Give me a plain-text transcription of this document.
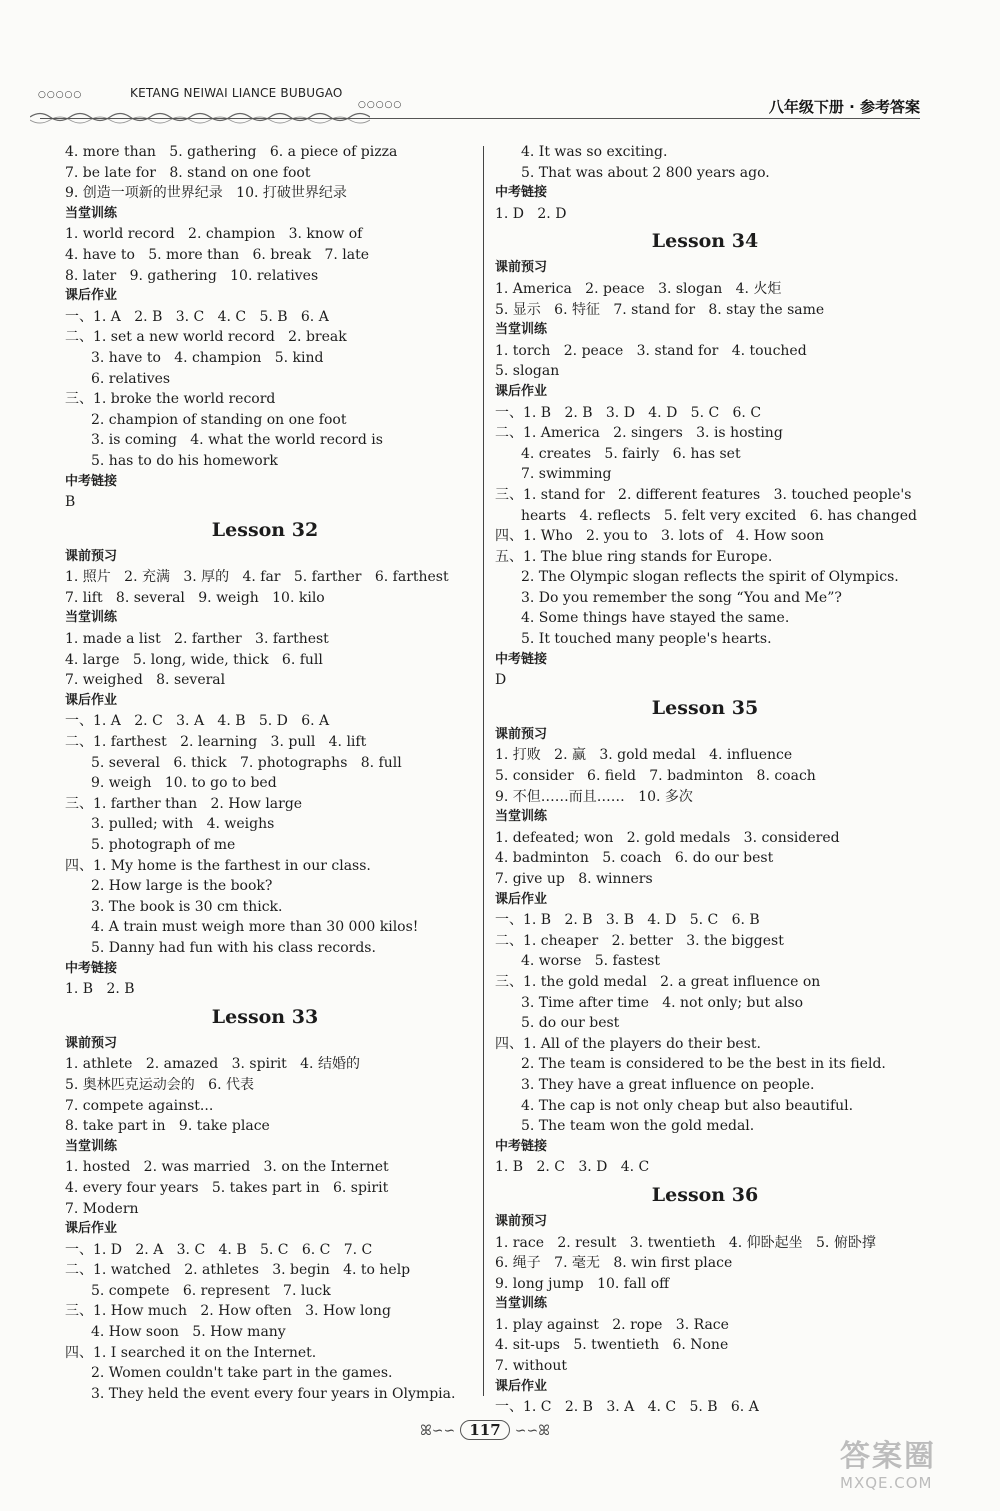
○○○○○	KETANG NEIWAI LIANCE BUBUGAO
○○○○○	八年级下册 · 参考答案
4. more than   5. gathering   6. a piece of pizza
7. be late for   8. stand on one foot
9. 创造一项新的世界纪录   10. 打破世界纪录
当堂训练
1. world record   2. champion   3. know of
4. have to   5. more than   6. break   7. late
8. later   9. gathering   10. relatives
课后作业
一、1. A   2. B   3. C   4. C   5. B   6. A
二、1. set a new world record   2. break
3. have to   4. champion   5. kind
6. relatives
三、1. broke the world record
2. champion of standing on one foot
3. is coming   4. what the world record is
5. has to do his homework
中考链接
B
Lesson 32
课前预习
1. 照片   2. 充满   3. 厚的   4. far   5. farther   6. farthest
7. lift   8. several   9. weigh   10. kilo
当堂训练
1. made a list   2. farther   3. farthest
4. large   5. long, wide, thick   6. full
7. weighed   8. several
课后作业
一、1. A   2. C   3. A   4. B   5. D   6. A
二、1. farthest   2. learning   3. pull   4. lift
5. several   6. thick   7. photographs   8. full
9. weigh   10. to go to bed
三、1. farther than   2. How large
3. pulled; with   4. weighs
5. photograph of me
四、1. My home is the farthest in our class.
2. How large is the book?
3. The book is 30 cm thick.
4. A train must weigh more than 30 000 kilos!
5. Danny had fun with his class records.
中考链接
1. B   2. B
Lesson 33
课前预习
1. athlete   2. amazed   3. spirit   4. 结婚的
5. 奥林匹克运动会的   6. 代表
7. compete against...
8. take part in   9. take place
当堂训练
1. hosted   2. was married   3. on the Internet
4. every four years   5. takes part in   6. spirit
7. Modern
课后作业
一、1. D   2. A   3. C   4. B   5. C   6. C   7. C
二、1. watched   2. athletes   3. begin   4. to help
5. compete   6. represent   7. luck
三、1. How much   2. How often   3. How long
4. How soon   5. How many
四、1. I searched it on the Internet.
2. Women couldn't take part in the games.
3. They held the event every four years in Olympia.
4. It was so exciting.
5. That was about 2 800 years ago.
中考链接
1. D   2. D
Lesson 34
课前预习
1. America   2. peace   3. slogan   4. 火炬
5. 显示   6. 特征   7. stand for   8. stay the same
当堂训练
1. torch   2. peace   3. stand for   4. touched
5. slogan
课后作业
一、1. B   2. B   3. D   4. D   5. C   6. C
二、1. America   2. singers   3. is hosting
4. creates   5. fairly   6. has set
7. swimming
三、1. stand for   2. different features   3. touched people's
hearts   4. reflects   5. felt very excited   6. has changed
四、1. Who   2. you to   3. lots of   4. How soon
五、1. The blue ring stands for Europe.
2. The Olympic slogan reflects the spirit of Olympics.
3. Do you remember the song “You and Me”?
4. Some things have stayed the same.
5. It touched many people's hearts.
中考链接
D
Lesson 35
课前预习
1. 打败   2. 赢   3. gold medal   4. influence
5. consider   6. field   7. badminton   8. coach
9. 不但……而且……   10. 多次
当堂训练
1. defeated; won   2. gold medals   3. considered
4. badminton   5. coach   6. do our best
7. give up   8. winners
课后作业
一、1. B   2. B   3. B   4. D   5. C   6. B
二、1. cheaper   2. better   3. the biggest
4. worse   5. fastest
三、1. the gold medal   2. a great influence on
3. Time after time   4. not only; but also
5. do our best
四、1. All of the players do their best.
2. The team is considered to be the best in its field.
3. They have a great influence on people.
4. The cap is not only cheap but also beautiful.
5. The team won the gold medal.
中考链接
1. B   2. C   3. D   4. C
Lesson 36
课前预习
1. race   2. result   3. twentieth   4. 仰卧起坐   5. 俯卧撑
6. 绳子   7. 毫无   8. win first place
9. long jump   10. fall off
当堂训练
1. play against   2. rope   3. Race
4. sit-ups   5. twentieth   6. None
7. without
课后作业
一、1. C   2. B   3. A   4. C   5. B   6. A
ꕤ∽∽ 117 ∽∽ꕤ
答案圈
MXQE.COM
